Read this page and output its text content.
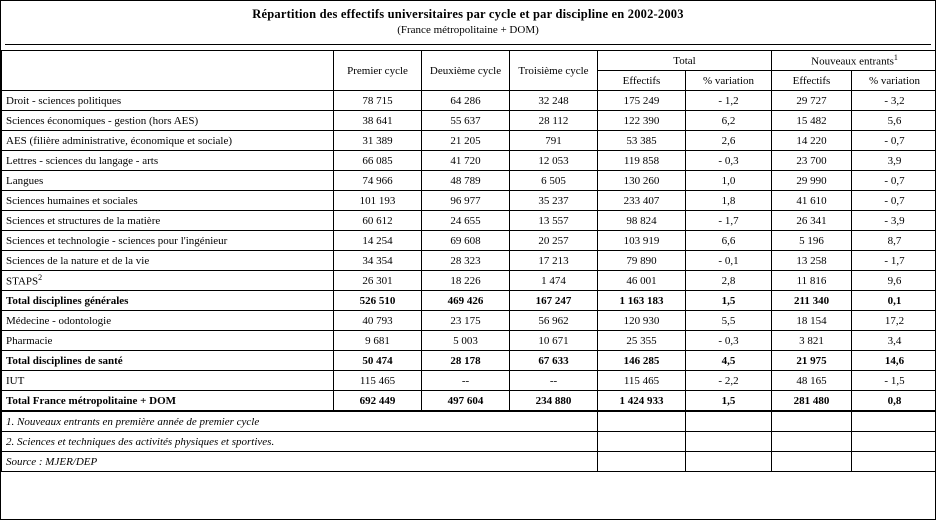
Répartition des effectifs universitaires par cycle et par discipline en 2002-2003
(France métropolitaine + DOM)

	Premier cycle	Deuxième cycle	Troisième cycle	Total		Nouveaux entrants$^1$
				Effectifs	% variation	Effectifs	% variation
Droit - sciences politiques	78 715	64 286	32 248	175 249	- 1,2	29 727	- 3,2
Sciences économiques - gestion (hors AES)	38 641	55 637	28 112	122 390	6,2	15 482	5,6
AES (filière administrative, économique et sociale)	31 389	21 205	791	53 385	2,6	14 220	- 0,7
Lettres - sciences du langage - arts	66 085	41 720	12 053	119 858	- 0,3	23 700	3,9
Langues	74 966	48 789	6 505	130 260	1,0	29 990	- 0,7
Sciences humaines et sociales	101 193	96 977	35 237	233 407	1,8	41 610	- 0,7
Sciences et structures de la matière	60 612	24 655	13 557	98 824	- 1,7	26 341	- 3,9
Sciences et technologie - sciences pour l'ingénieur	14 254	69 608	20 257	103 919	6,6	5 196	8,7
Sciences de la nature et de la vie	34 354	28 323	17 213	79 890	- 0,1	13 258	- 1,7
STAPS$^2$	26 301	18 226	1 474	46 001	2,8	11 816	9,6
Total disciplines générales	526 510	469 426	167 247	1 163 183	1,5	211 340	0,1
Médecine - odontologie	40 793	23 175	56 962	120 930	5,5	18 154	17,2
Pharmacie	9 681	5 003	10 671	25 355	- 0,3	3 821	3,4
Total disciplines de santé	50 474	28 178	67 633	146 285	4,5	21 975	14,6
IUT	115 465	--	--	115 465	- 2,2	48 165	- 1,5
Total France métropolitaine + DOM	692 449	497 604	234 880	1 424 933	1,5	281 480	0,8
1. Nouveaux entrants en première année de premier cycle				
2. Sciences et techniques des activités physiques et sportives.				
Source : MJER/DEP				
